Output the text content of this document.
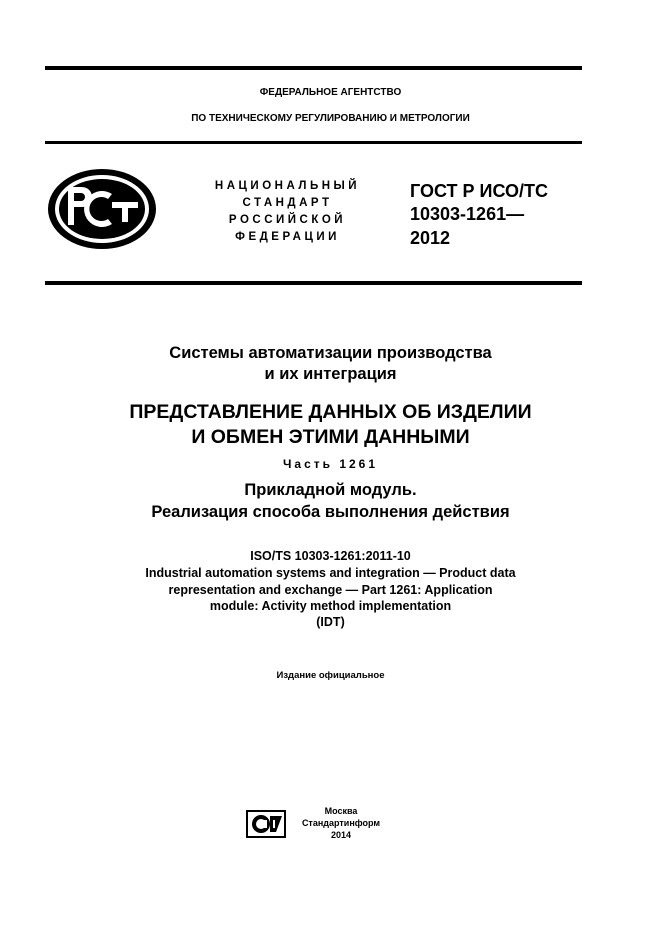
ФЕДЕРАЛЬНОЕ АГЕНТСТВО
ПО ТЕХНИЧЕСКОМУ РЕГУЛИРОВАНИЮ И МЕТРОЛОГИИ
НАЦИОНАЛЬНЫЙ
СТАНДАРТ
РОССИЙСКОЙ
ФЕДЕРАЦИИ
ГОСТ Р ИСО/ТС
10303-1261—
2012
Системы автоматизации производства
и их интеграция
ПРЕДСТАВЛЕНИЕ ДАННЫХ ОБ ИЗДЕЛИИ
И ОБМЕН ЭТИМИ ДАННЫМИ
Часть 1261
Прикладной модуль.
Реализация способа выполнения действия
ISO/TS 10303-1261:2011-10
Industrial automation systems and integration — Product data
representation and exchange — Part 1261: Application
module: Activity method implementation
(IDT)
Издание официальное
Москва
Стандартинформ
2014
